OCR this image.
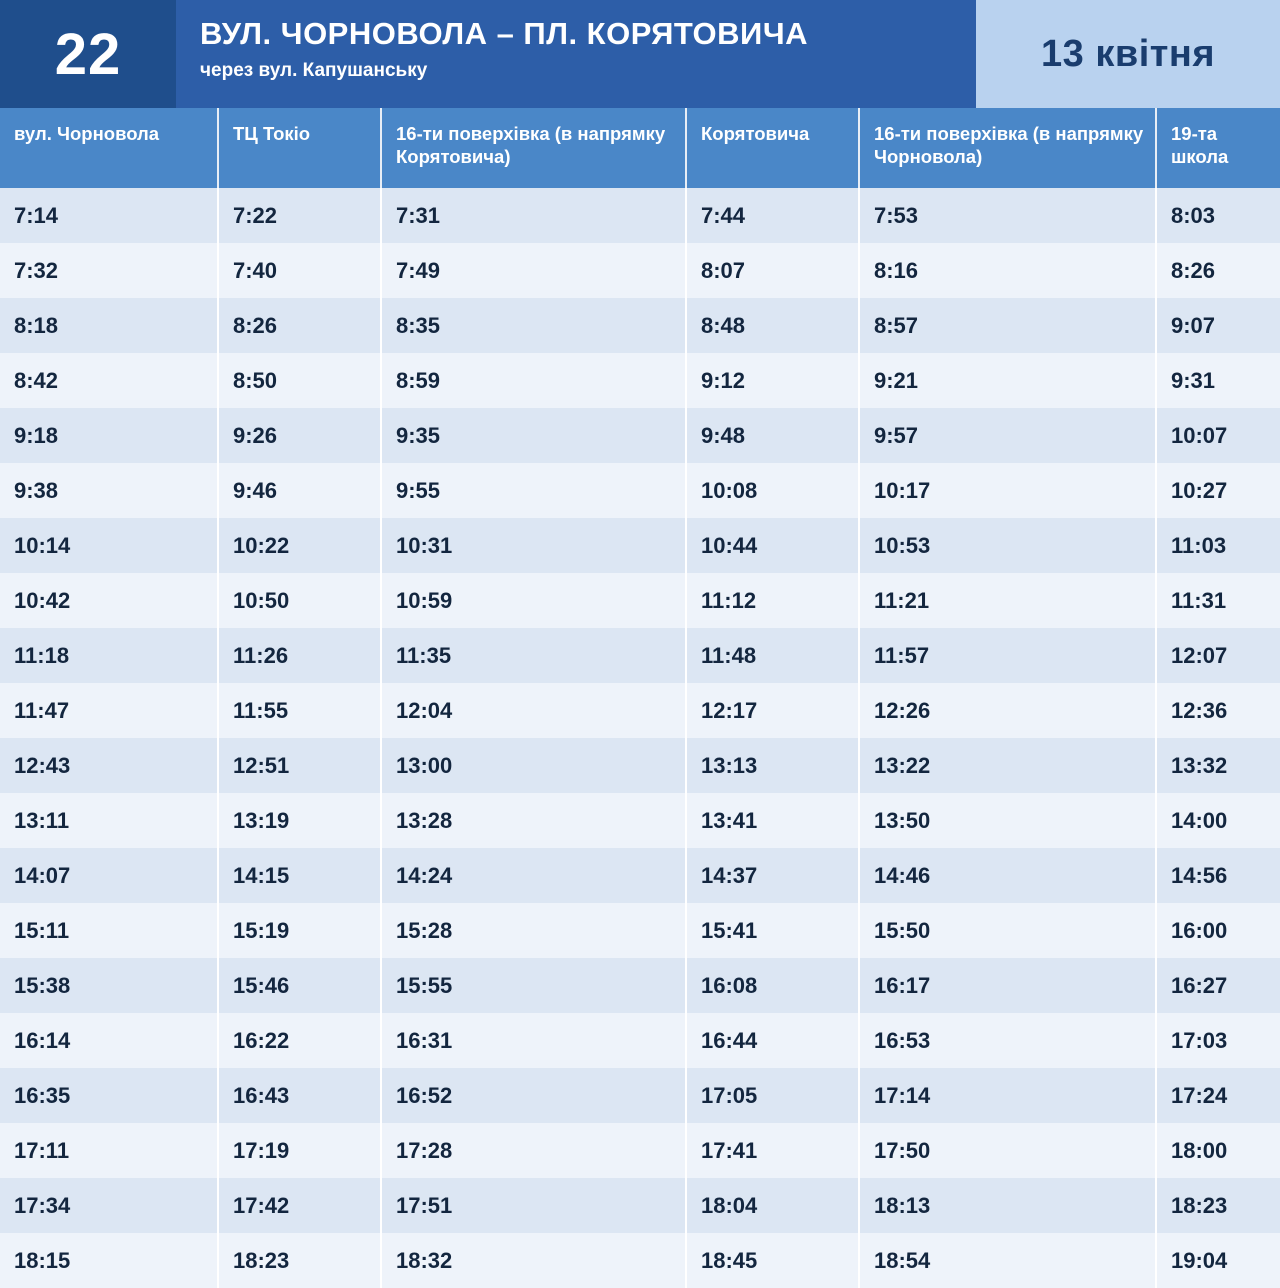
22	ВУЛ. ЧОРНОВОЛА – ПЛ. КОРЯТОВИЧА
через вул. Капушанську	13 квітня
вул. Чорновола	ТЦ Токіо	16-ти поверхівка (в напрямку Корятовича)	Корятовича	16-ти поверхівка (в напрямку Чорновола)	19-та школа
7:14	7:22	7:31	7:44	7:53	8:03
7:32	7:40	7:49	8:07	8:16	8:26
8:18	8:26	8:35	8:48	8:57	9:07
8:42	8:50	8:59	9:12	9:21	9:31
9:18	9:26	9:35	9:48	9:57	10:07
9:38	9:46	9:55	10:08	10:17	10:27
10:14	10:22	10:31	10:44	10:53	11:03
10:42	10:50	10:59	11:12	11:21	11:31
11:18	11:26	11:35	11:48	11:57	12:07
11:47	11:55	12:04	12:17	12:26	12:36
12:43	12:51	13:00	13:13	13:22	13:32
13:11	13:19	13:28	13:41	13:50	14:00
14:07	14:15	14:24	14:37	14:46	14:56
15:11	15:19	15:28	15:41	15:50	16:00
15:38	15:46	15:55	16:08	16:17	16:27
16:14	16:22	16:31	16:44	16:53	17:03
16:35	16:43	16:52	17:05	17:14	17:24
17:11	17:19	17:28	17:41	17:50	18:00
17:34	17:42	17:51	18:04	18:13	18:23
18:15	18:23	18:32	18:45	18:54	19:04
